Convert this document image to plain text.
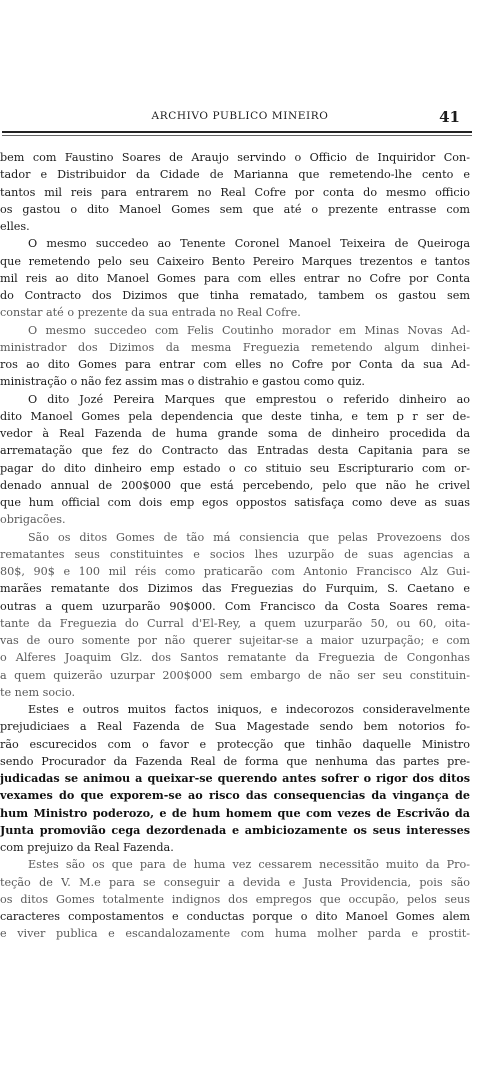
ARCHIVO PUBLICO MINEIRO	41
bem com Faustino Soares de Araujo servindo o Officio de Inquiridor Con-
tador e Distribuidor da Cidade de Marianna que remetendo-lhe cento e
tantos mil reis para entrarem no Real Cofre por conta do mesmo officio
os gastou o dito Manoel Gomes sem que até o prezente entrasse com
elles.
O mesmo succedeo ao Tenente Coronel Manoel Teixeira de Queiroga
que remetendo pelo seu Caixeiro Bento Pereiro Marques trezentos e tantos
mil reis ao dito Manoel Gomes para com elles entrar no Cofre por Conta
do Contracto dos Dizimos que tinha rematado, tambem os gastou sem
constar até o prezente da sua entrada no Real Cofre.
O mesmo succedeo com Felis Coutinho morador em Minas Novas Ad-
ministrador dos Dizimos da mesma Freguezia remetendo algum dinhei-
ros ao dito Gomes para entrar com elles no Cofre por Conta da sua Ad-
ministração o não fez assim mas o distrahio e gastou como quiz.
O dito Jozé Pereira Marques que emprestou o referido dinheiro ao
dito Manoel Gomes pela dependencia que deste tinha, e tem p r ser de-
vedor à Real Fazenda de huma grande soma de dinheiro procedida da
arrematação que fez do Contracto das Entradas desta Capitania para se
pagar do dito dinheiro emp estado o co stituio seu Escripturario com or-
denado annual de 200$000 que está percebendo, pelo que não he crivel
que hum official com dois emp egos oppostos satisfaça como deve as suas
obrigacões.
São os ditos Gomes de tão má consiencia que pelas Provezoens dos
rematantes seus constituintes e socios lhes uzurpão de suas agencias a
80$, 90$ e 100 mil réis como praticarão com Antonio Francisco Alz Gui-
marães rematante dos Dizimos das Freguezias do Furquim, S. Caetano e
outras a quem uzurparão 90$000. Com Francisco da Costa Soares rema-
tante da Freguezia do Curral d'El-Rey, a quem uzurparão 50, ou 60, oita-
vas de ouro somente por não querer sujeitar-se a maior uzurpação; e com
o Alferes Joaquim Glz. dos Santos rematante da Freguezia de Congonhas
a quem quizerão uzurpar 200$000 sem embargo de não ser seu constituin-
te nem socio.
Estes e outros muitos factos iniquos, e indecorozos consideravelmente
prejudiciaes a Real Fazenda de Sua Magestade sendo bem notorios fo-
rão escurecidos com o favor e protecção que tinhão daquelle Ministro
sendo Procurador da Fazenda Real de forma que nenhuma das partes pre-
judicadas se animou a queixar-se querendo antes sofrer o rigor dos ditos
vexames do que exporem-se ao risco das consequencias da vingança de
hum Ministro poderozo, e de hum homem que com vezes de Escrivão da
Junta promovião cega dezordenada e ambiciozamente os seus interesses
com prejuizo da Real Fazenda.
Estes são os que para de huma vez cessarem necessitão muito da Pro-
teção de V. M.e para se conseguir a devida e Justa Providencia, pois são
os ditos Gomes totalmente indignos dos empregos que occupão, pelos seus
caracteres compostamentos e conductas porque o dito Manoel Gomes alem
e viver publica e escandalozamente com huma molher parda e prostit-
